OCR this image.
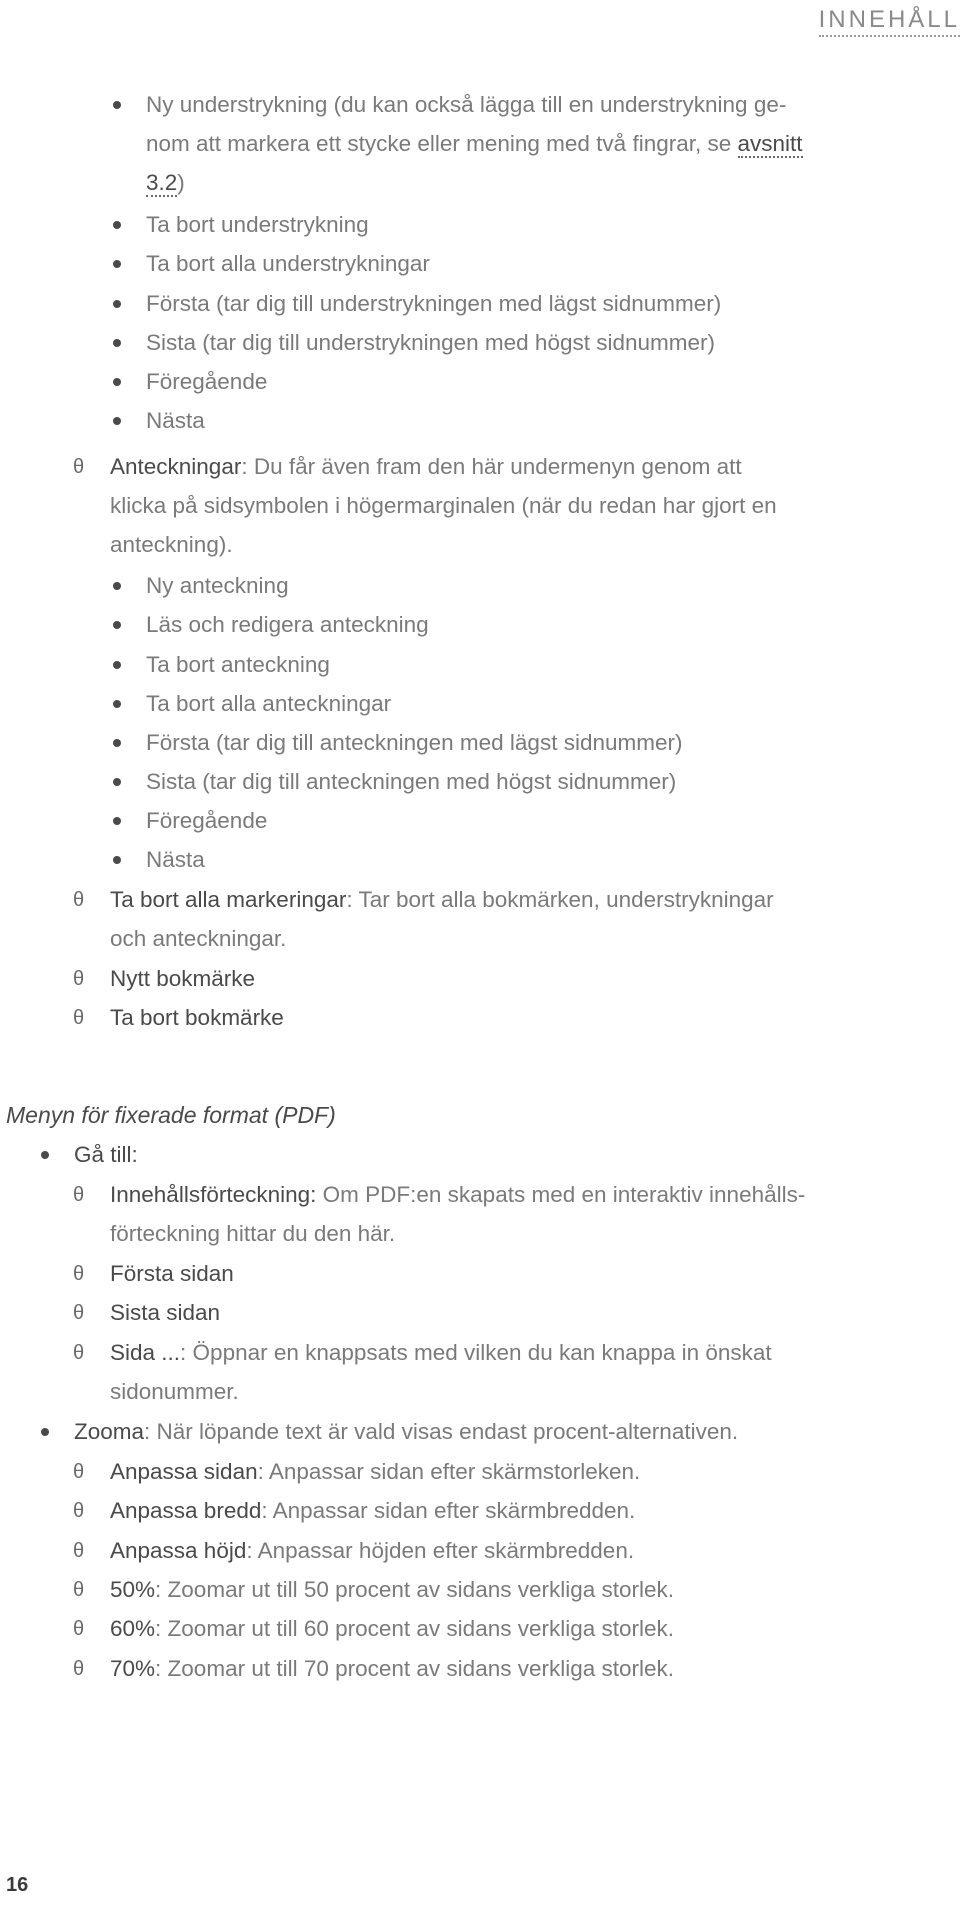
INNEHÅLL
Ny understrykning (du kan också lägga till en understrykning ge-
nom att markera ett stycke eller mening med två fingrar, se avsnitt
3.2)
Ta bort understrykning
Ta bort alla understrykningar
Första (tar dig till understrykningen med lägst sidnummer)
Sista (tar dig till understrykningen med högst sidnummer)
Föregående
Nästa
θ Anteckningar: Du får även fram den här undermenyn genom att
klicka på sidsymbolen i högermarginalen (när du redan har gjort en
anteckning).
Ny anteckning
Läs och redigera anteckning
Ta bort anteckning
Ta bort alla anteckningar
Första (tar dig till anteckningen med lägst sidnummer)
Sista (tar dig till anteckningen med högst sidnummer)
Föregående
Nästa
θ Ta bort alla markeringar: Tar bort alla bokmärken, understrykningar
och anteckningar.
θ Nytt bokmärke
θ Ta bort bokmärke
Menyn för fixerade format (PDF)
Gå till:
θ Innehållsförteckning: Om PDF:en skapats med en interaktiv innehålls-
förteckning hittar du den här.
θ Första sidan
θ Sista sidan
θ Sida ...: Öppnar en knappsats med vilken du kan knappa in önskat
sidonummer.
Zooma: När löpande text är vald visas endast procent-alternativen.
θ Anpassa sidan: Anpassar sidan efter skärmstorleken.
θ Anpassa bredd: Anpassar sidan efter skärmbredden.
θ Anpassa höjd: Anpassar höjden efter skärmbredden.
θ 50%: Zoomar ut till 50 procent av sidans verkliga storlek.
θ 60%: Zoomar ut till 60 procent av sidans verkliga storlek.
θ 70%: Zoomar ut till 70 procent av sidans verkliga storlek.
16
